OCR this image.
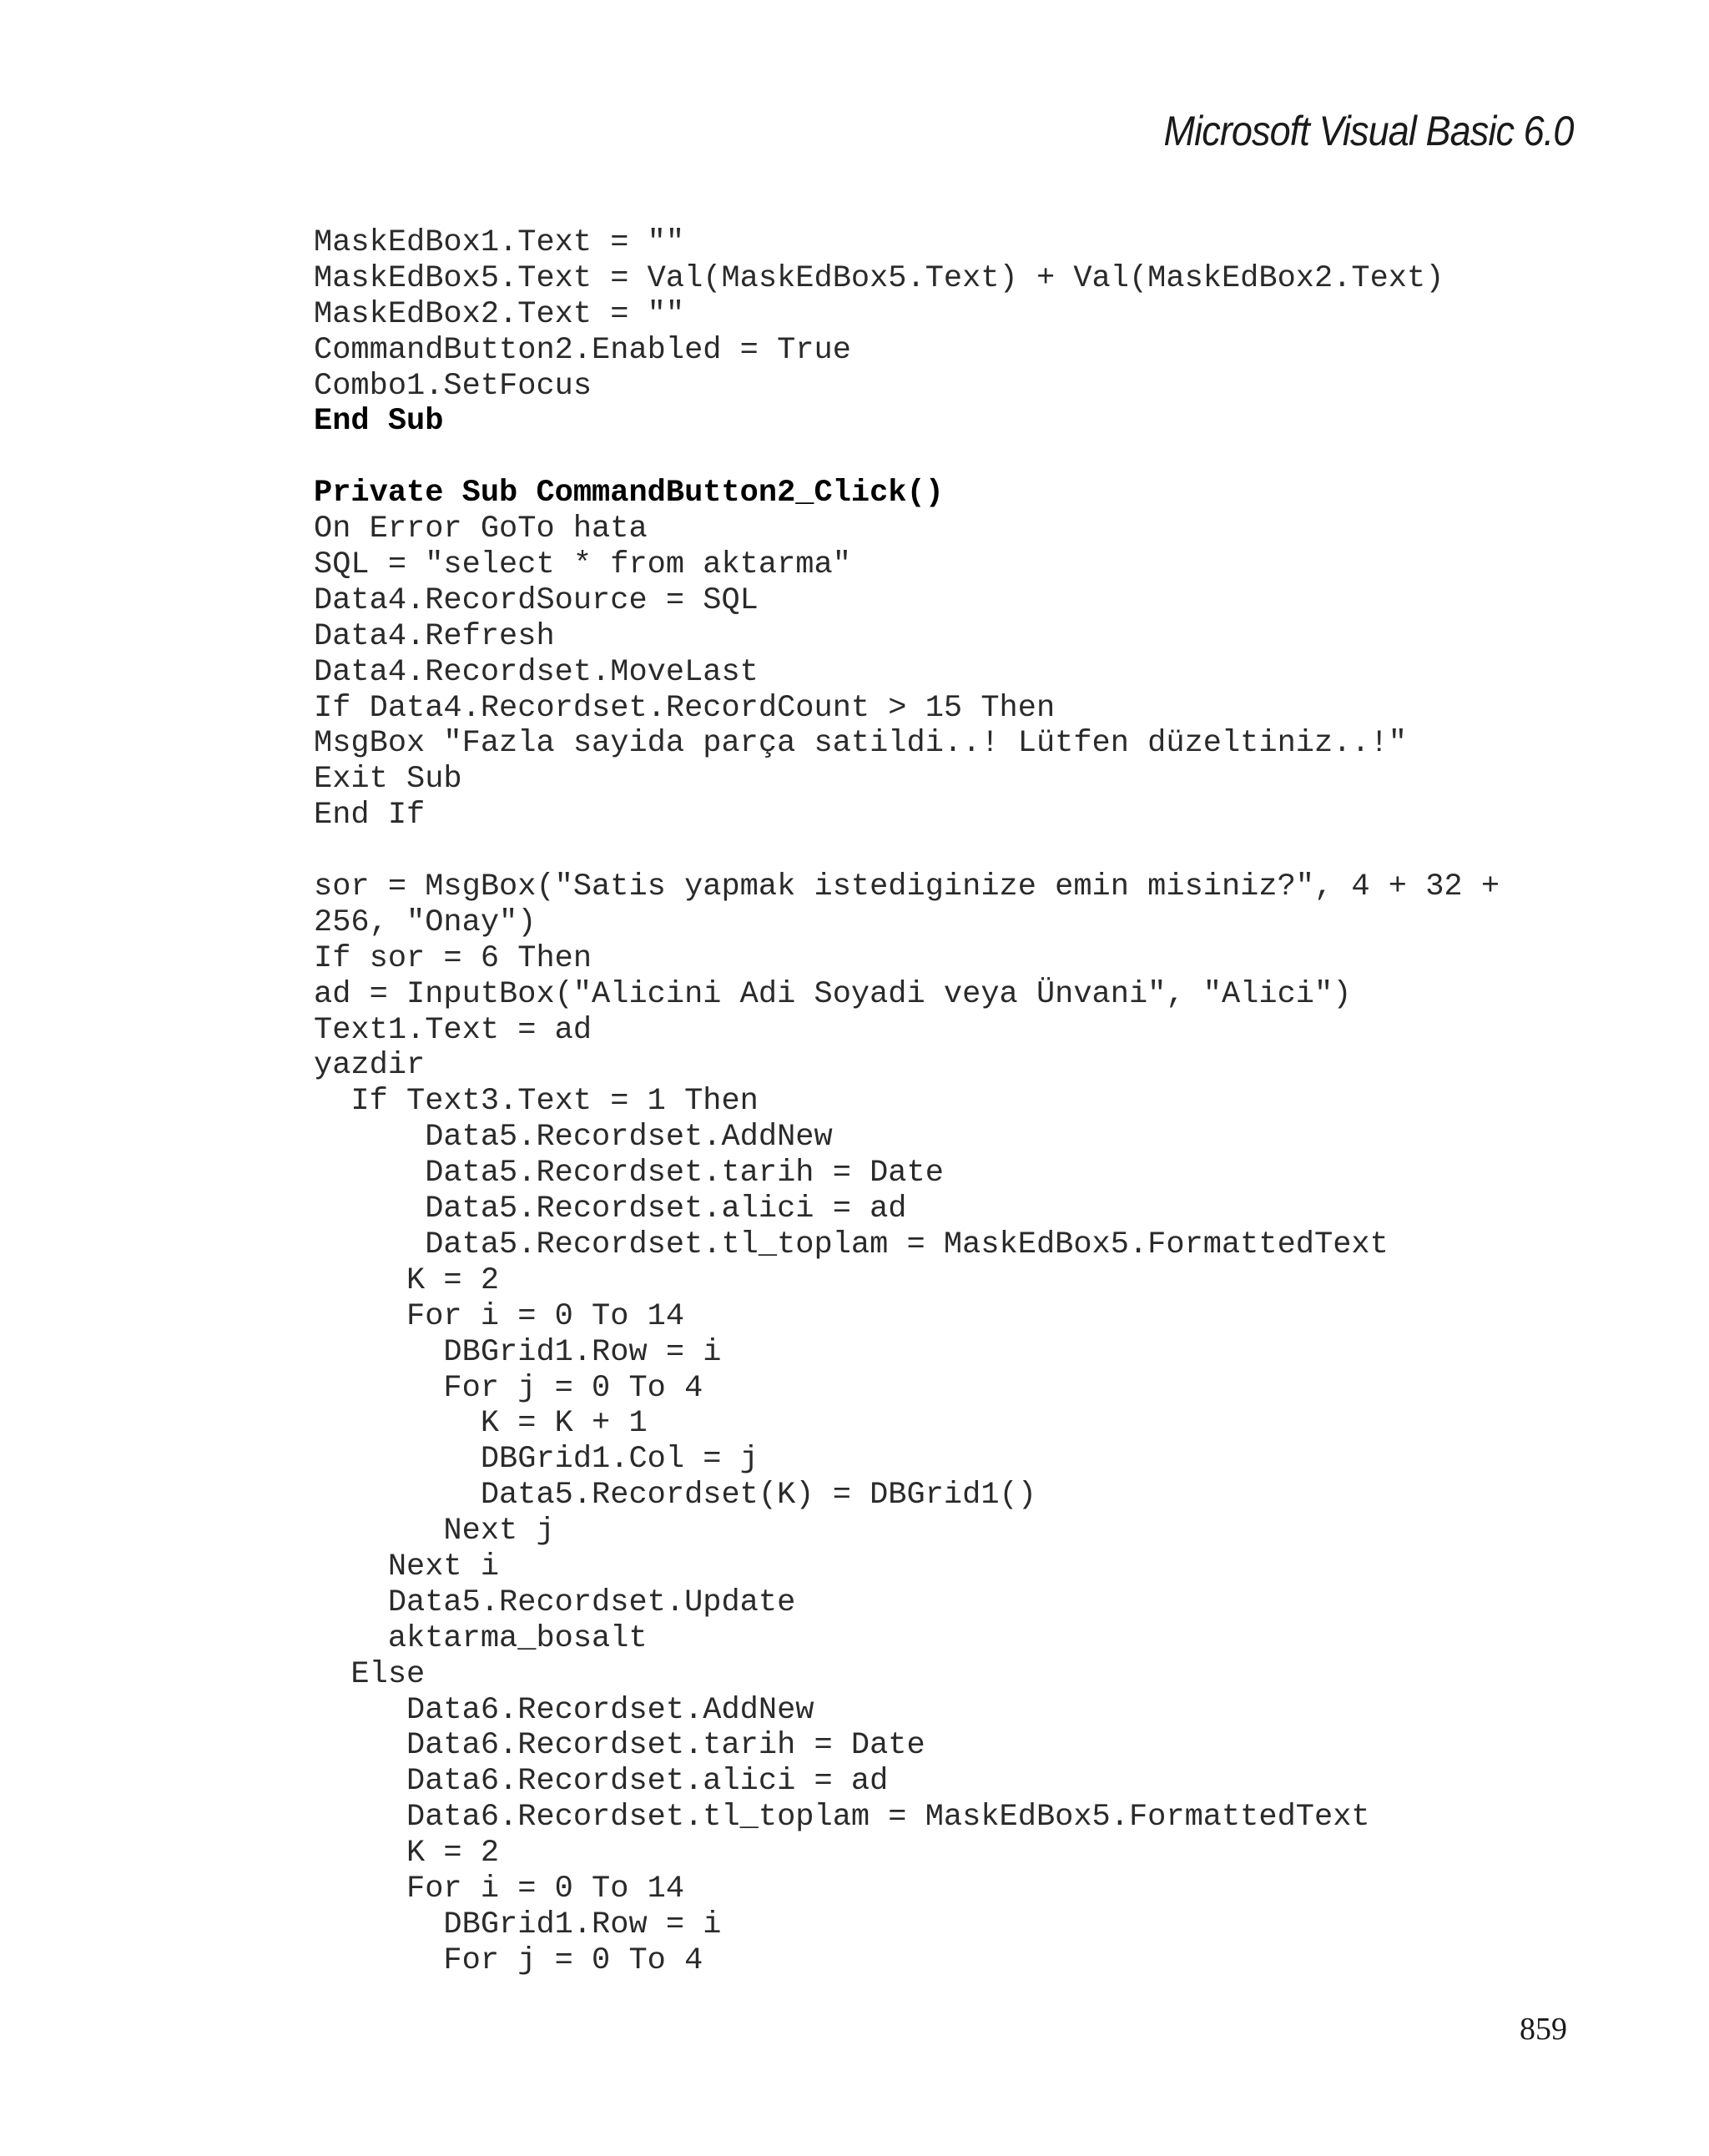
Microsoft Visual Basic 6.0
MaskEdBox1.Text = ""
MaskEdBox5.Text = Val(MaskEdBox5.Text) + Val(MaskEdBox2.Text)
MaskEdBox2.Text = ""
CommandButton2.Enabled = True
Combo1.SetFocus
End Sub
Private Sub CommandButton2_Click()
On Error GoTo hata
SQL = "select * from aktarma"
Data4.RecordSource = SQL
Data4.Refresh
Data4.Recordset.MoveLast
If Data4.Recordset.RecordCount > 15 Then
MsgBox "Fazla sayida parça satildi..! Lütfen düzeltiniz..!"
Exit Sub
End If
sor = MsgBox("Satis yapmak istediginize emin misiniz?", 4 + 32 +
256, "Onay")
If sor = 6 Then
ad = InputBox("Alicini Adi Soyadi veya Ünvani", "Alici")
Text1.Text = ad
yazdir
If Text3.Text = 1 Then
Data5.Recordset.AddNew
Data5.Recordset.tarih = Date
Data5.Recordset.alici = ad
Data5.Recordset.tl_toplam = MaskEdBox5.FormattedText
K = 2
For i = 0 To 14
DBGrid1.Row = i
For j = 0 To 4
K = K + 1
DBGrid1.Col = j
Data5.Recordset(K) = DBGrid1()
Next j
Next i
Data5.Recordset.Update
aktarma_bosalt
Else
Data6.Recordset.AddNew
Data6.Recordset.tarih = Date
Data6.Recordset.alici = ad
Data6.Recordset.tl_toplam = MaskEdBox5.FormattedText
K = 2
For i = 0 To 14
DBGrid1.Row = i
For j = 0 To 4
859
